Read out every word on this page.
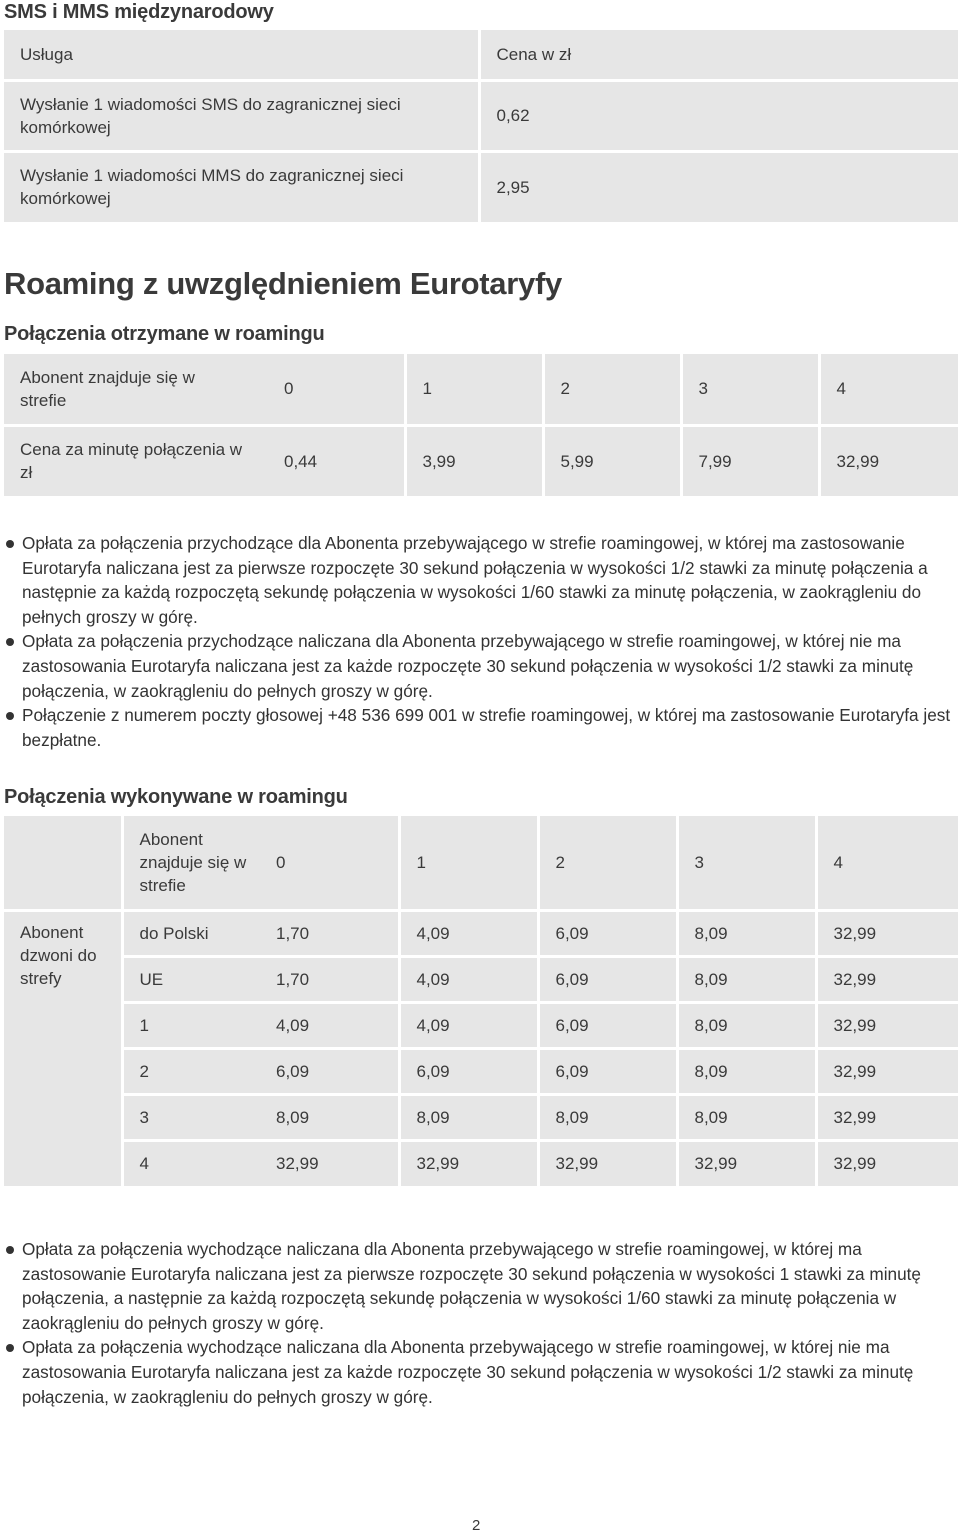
SMS i MMS międzynarodowy
Usługa	Cena w zł
Wysłanie 1 wiadomości SMS do zagranicznej sieci komórkowej	0,62
Wysłanie 1 wiadomości MMS do zagranicznej sieci komórkowej	2,95
Roaming z uwzględnieniem Eurotaryfy
Połączenia otrzymane w roamingu
Abonent znajduje się w strefie	0	1	2	3	4
Cena za minutę połączenia w zł	0,44	3,99	5,99	7,99	32,99
Opłata za połączenia przychodzące dla Abonenta przebywającego w strefie roamingowej, w której ma zastosowanie Eurotaryfa naliczana jest za pierwsze rozpoczęte 30 sekund połączenia w wysokości 1/2 stawki za minutę połączenia a następnie za każdą rozpoczętą sekundę połączenia w wysokości 1/60 stawki za minutę połączenia, w zaokrągleniu do pełnych groszy w górę.
Opłata za połączenia przychodzące naliczana dla Abonenta przebywającego w strefie roamingowej, w której nie ma zastosowania Eurotaryfa naliczana jest za każde rozpoczęte 30 sekund połączenia w wysokości 1/2 stawki za minutę połączenia, w zaokrągleniu do pełnych groszy w górę.
Połączenie z numerem poczty głosowej +48 536 699 001 w strefie roamingowej, w której ma zastosowanie Eurotaryfa jest bezpłatne.
Połączenia wykonywane w roamingu
	Abonent znajduje się w strefie	0	1	2	3	4
Abonent dzwoni do strefy	do Polski	1,70	4,09	6,09	8,09	32,99
	UE	1,70	4,09	6,09	8,09	32,99
	1	4,09	4,09	6,09	8,09	32,99
	2	6,09	6,09	6,09	8,09	32,99
	3	8,09	8,09	8,09	8,09	32,99
	4	32,99	32,99	32,99	32,99	32,99
Opłata za połączenia wychodzące naliczana dla Abonenta przebywającego w strefie roamingowej, w której ma zastosowanie Eurotaryfa naliczana jest za pierwsze rozpoczęte 30 sekund połączenia w wysokości 1 stawki za minutę połączenia, a następnie za każdą rozpoczętą sekundę połączenia w wysokości 1/60 stawki za minutę połączenia w zaokrągleniu do pełnych groszy w górę.
Opłata za połączenia wychodzące naliczana dla Abonenta przebywającego w strefie roamingowej, w której nie ma zastosowania Eurotaryfa naliczana jest za każde rozpoczęte 30 sekund połączenia w wysokości 1/2 stawki za minutę połączenia, w zaokrągleniu do pełnych groszy w górę.
2
